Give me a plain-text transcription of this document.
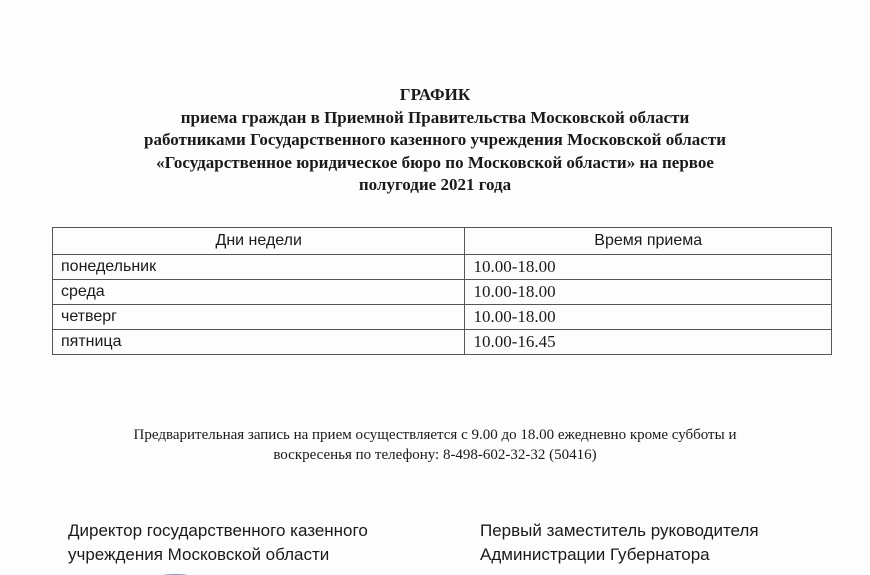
ГРАФИК
приема граждан в Приемной Правительства Московской области
работниками Государственного казенного учреждения Московской области
«Государственное юридическое бюро по Московской области» на первое
полугодие 2021 года
Дни недели	Время приема
понедельник	10.00-18.00
среда	10.00-18.00
четверг	10.00-18.00
пятница	10.00-16.45
Предварительная запись на прием осуществляется с 9.00 до 18.00 ежедневно кроме субботы и
воскресенья по телефону: 8-498-602-32-32 (50416)
Директор государственного казенного
учреждения Московской области
Первый заместитель руководителя
Администрации Губернатора
